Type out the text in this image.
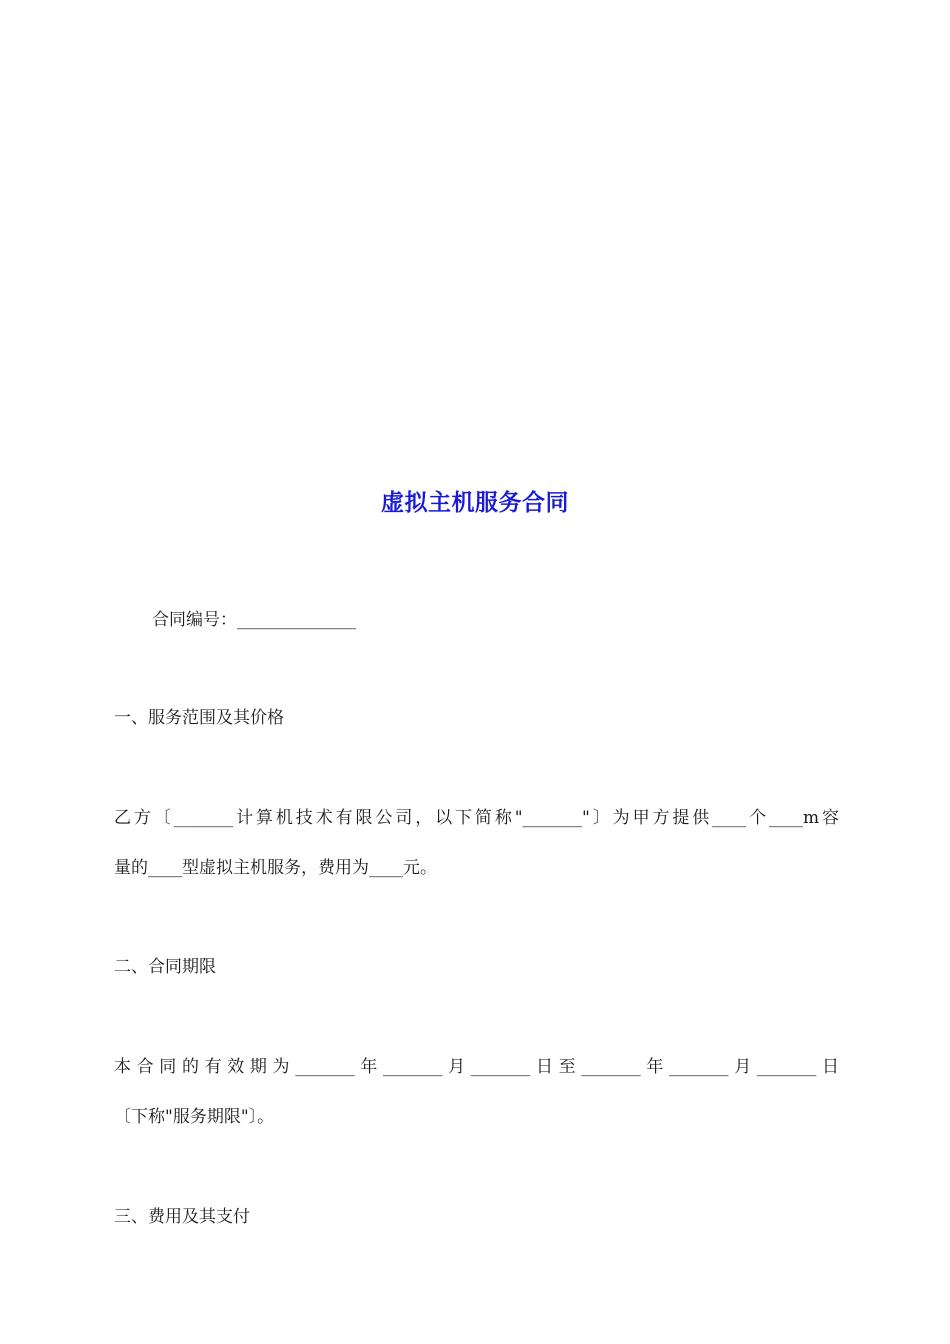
虚拟主机服务合同
合同编号：______________
一、服务范围及其价格
乙方〔_______计算机技术有限公司，以下简称"_______"〕为甲方提供____个____m容
量的____型虚拟主机服务，费用为____元。
二、合同期限
本合同的有效期为_______年_______月_______日至_______年_______月_______日
〔下称"服务期限"〕。
三、费用及其支付
